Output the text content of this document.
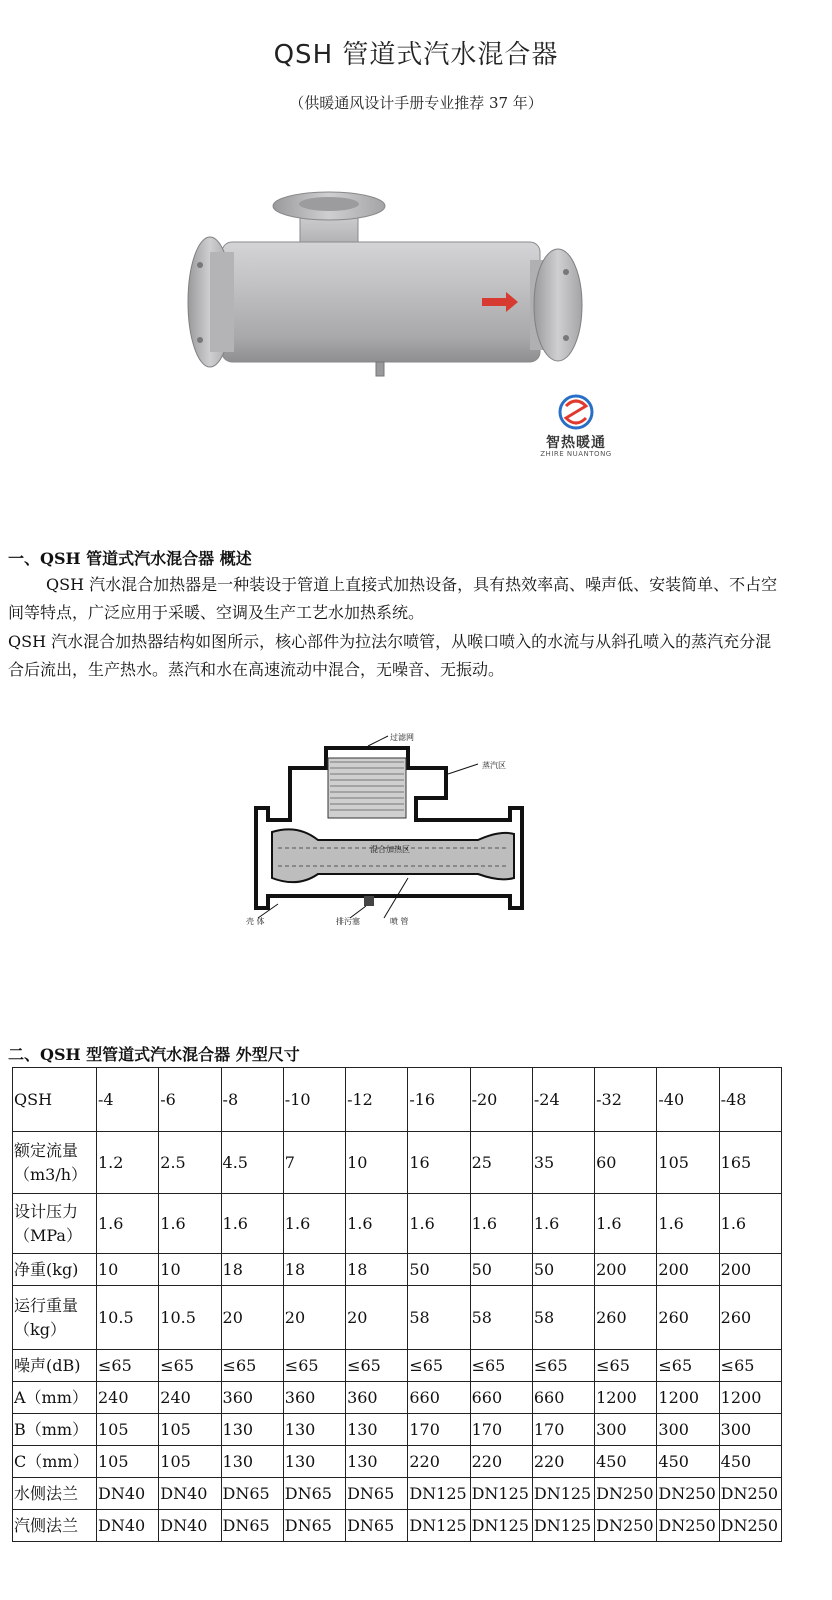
QSH 管道式汽水混合器
（供暖通风设计手册专业推荐 37 年）
智热暖通
ZHIRE NUANTONG
一、QSH 管道式汽水混合器 概述
QSH 汽水混合加热器是一种装设于管道上直接式加热设备，具有热效率高、噪声低、安装简单、不占空间等特点，广泛应用于采暖、空调及生产工艺水加热系统。
QSH 汽水混合加热器结构如图所示，核心部件为拉法尔喷管，从喉口喷入的水流与从斜孔喷入的蒸汽充分混合后流出，生产热水。蒸汽和水在高速流动中混合，无噪音、无振动。
过滤网
蒸汽区
混合加热区
壳 体	排污塞	喷 管
二、QSH 型管道式汽水混合器 外型尺寸
QSH	-4	-6	-8	-10	-12	-16	-20	-24	-32	-40	-48
额定流量（m3/h）	1.2	2.5	4.5	7	10	16	25	35	60	105	165
设计压力（MPa）	1.6	1.6	1.6	1.6	1.6	1.6	1.6	1.6	1.6	1.6	1.6
净重(kg)	10	10	18	18	18	50	50	50	200	200	200
运行重量（kg）	10.5	10.5	20	20	20	58	58	58	260	260	260
噪声(dB)	≤65	≤65	≤65	≤65	≤65	≤65	≤65	≤65	≤65	≤65	≤65
A（mm）	240	240	360	360	360	660	660	660	1200	1200	1200
B（mm）	105	105	130	130	130	170	170	170	300	300	300
C（mm）	105	105	130	130	130	220	220	220	450	450	450
水侧法兰	DN40	DN40	DN65	DN65	DN65	DN125	DN125	DN125	DN250	DN250	DN250
汽侧法兰	DN40	DN40	DN65	DN65	DN65	DN125	DN125	DN125	DN250	DN250	DN250
